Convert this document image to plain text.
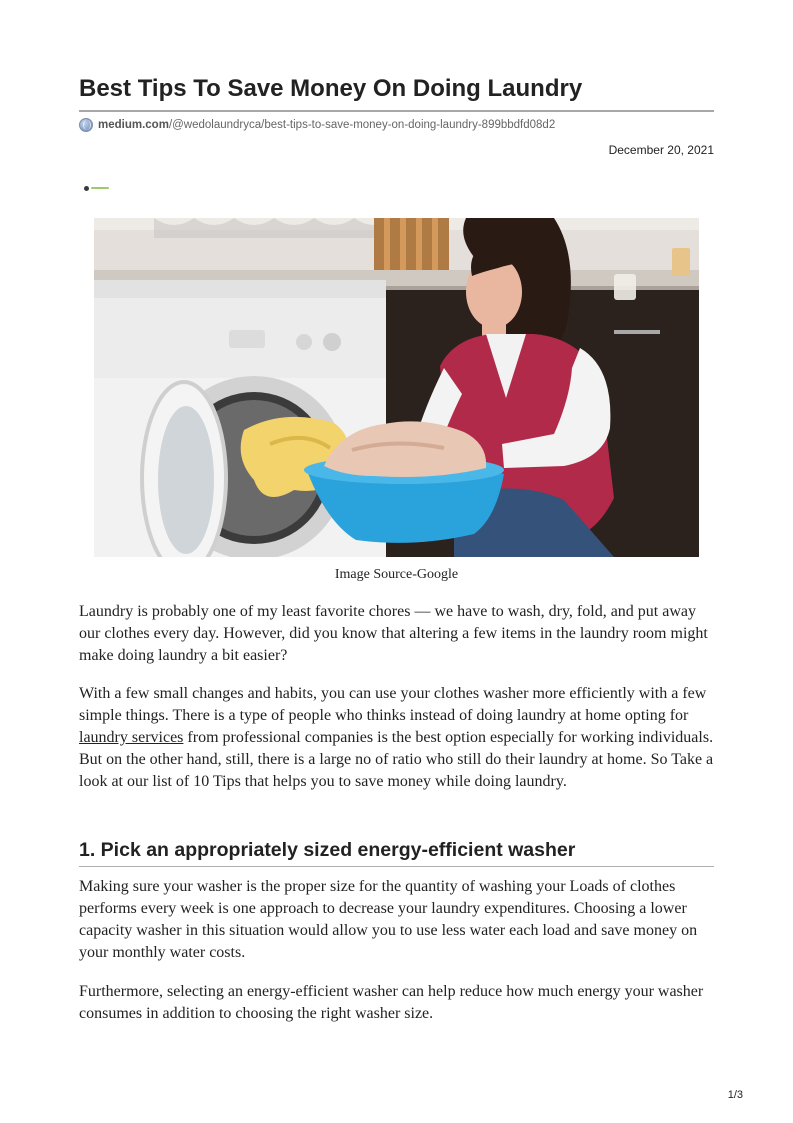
Best Tips To Save Money On Doing Laundry
medium.com/@wedolaundryca/best-tips-to-save-money-on-doing-laundry-899bbdfd08d2
December 20, 2021
Image Source-Google

Laundry is probably one of my least favorite chores — we have to wash, dry, fold, and put away our clothes every day. However, did you know that altering a few items in the laundry room might make doing laundry a bit easier?

With a few small changes and habits, you can use your clothes washer more efficiently with a few simple things. There is a type of people who thinks instead of doing laundry at home opting for laundry services from professional companies is the best option especially for working individuals. But on the other hand, still, there is a large no of ratio who still do their laundry at home. So Take a look at our list of 10 Tips that helps you to save money while doing laundry.

1. Pick an appropriately sized energy-efficient washer

Making sure your washer is the proper size for the quantity of washing your Loads of clothes performs every week is one approach to decrease your laundry expenditures. Choosing a lower capacity washer in this situation would allow you to use less water each load and save money on your monthly water costs.

Furthermore, selecting an energy-efficient washer can help reduce how much energy your washer consumes in addition to choosing the right washer size.

1/3
